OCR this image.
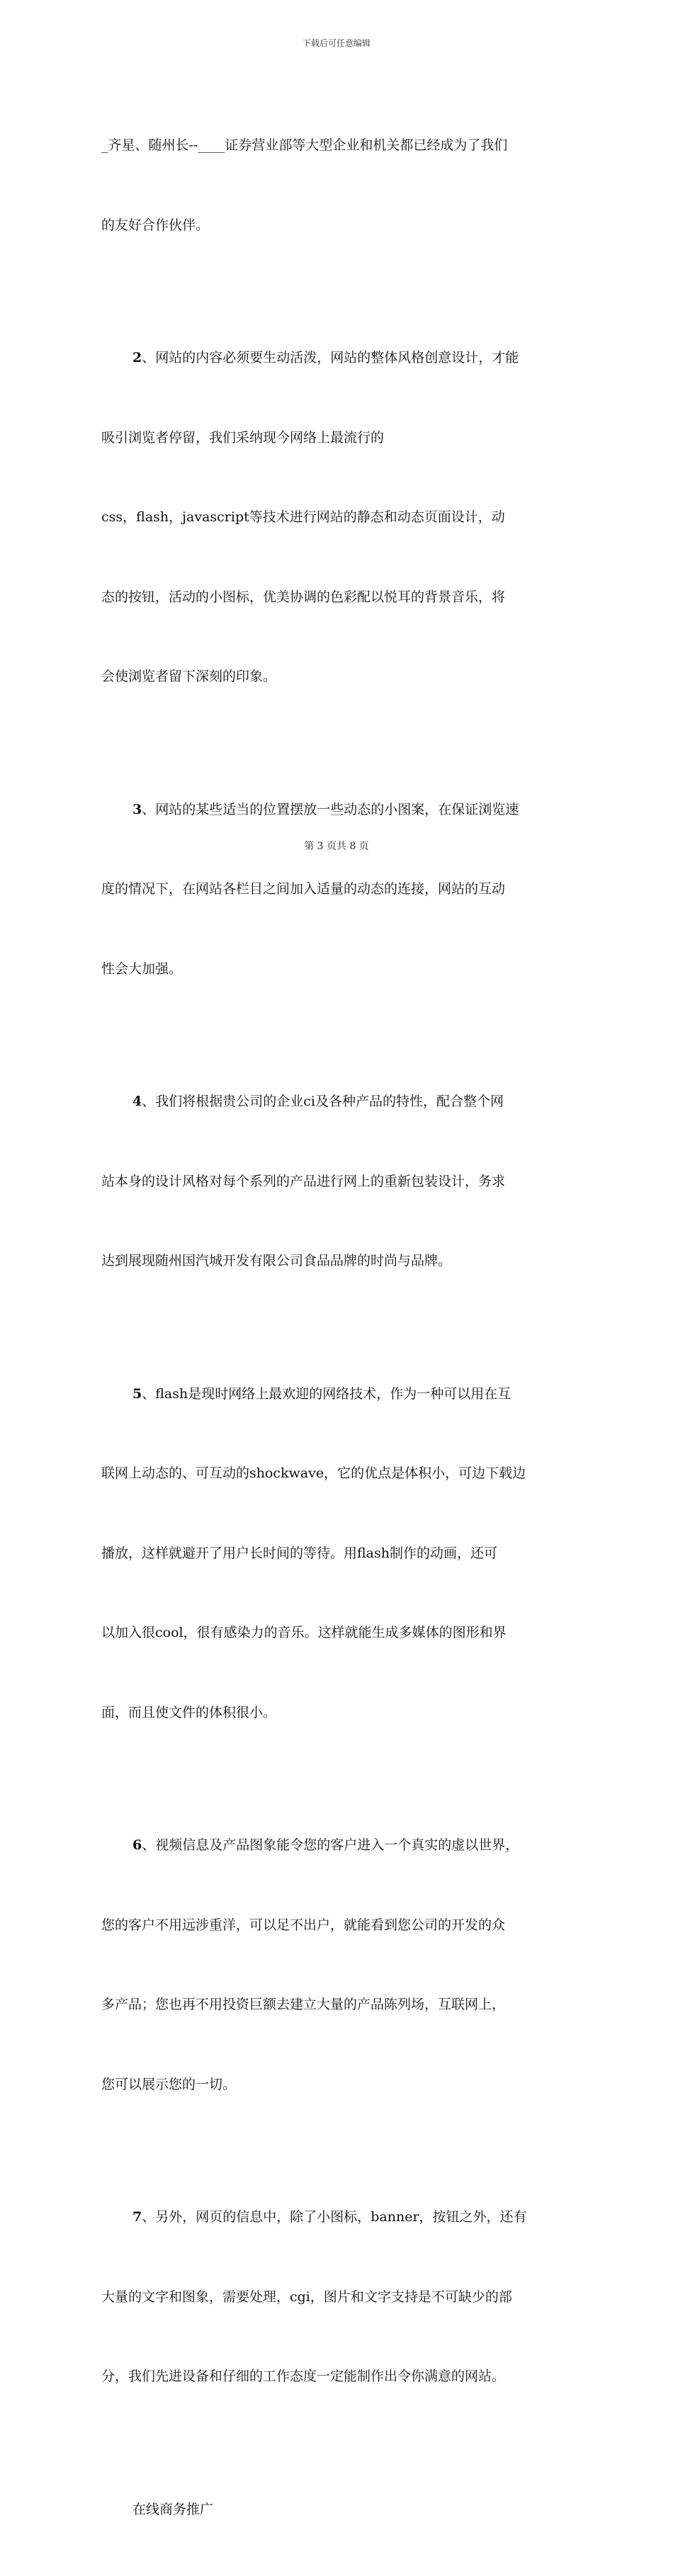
下载后可任意编辑

_齐星、随州长--____证券营业部等大型企业和机关都已经成为了我们

的友好合作伙伴。

2、网站的内容必须要生动活泼，网站的整体风格创意设计，才能

吸引浏览者停留，我们采纳现今网络上最流行的

css，flash，javascript等技术进行网站的静态和动态页面设计，动

态的按钮，活动的小图标，优美协调的色彩配以悦耳的背景音乐，将

会使浏览者留下深刻的印象。

3、网站的某些适当的位置摆放一些动态的小图案，在保证浏览速

度的情况下，在网站各栏目之间加入适量的动态的连接，网站的互动

性会大加强。

4、我们将根据贵公司的企业ci及各种产品的特性，配合整个网

站本身的设计风格对每个系列的产品进行网上的重新包装设计，务求

达到展现随州国汽城开发有限公司食品品牌的时尚与品牌。

5、flash是现时网络上最欢迎的网络技术，作为一种可以用在互

联网上动态的、可互动的shockwave，它的优点是体积小，可边下载边

播放，这样就避开了用户长时间的等待。用flash制作的动画，还可

以加入很cool，很有感染力的音乐。这样就能生成多媒体的图形和界

面，而且使文件的体积很小。

6、视频信息及产品图象能令您的客户进入一个真实的虚以世界，

您的客户不用远涉重洋，可以足不出户，就能看到您公司的开发的众

多产品；您也再不用投资巨额去建立大量的产品陈列场，互联网上，

您可以展示您的一切。

7、另外，网页的信息中，除了小图标，banner，按钮之外，还有

大量的文字和图象，需要处理，cgi，图片和文字支持是不可缺少的部

分，我们先进设备和仔细的工作态度一定能制作出令你满意的网站。

在线商务推广

第 3 页共 8 页
